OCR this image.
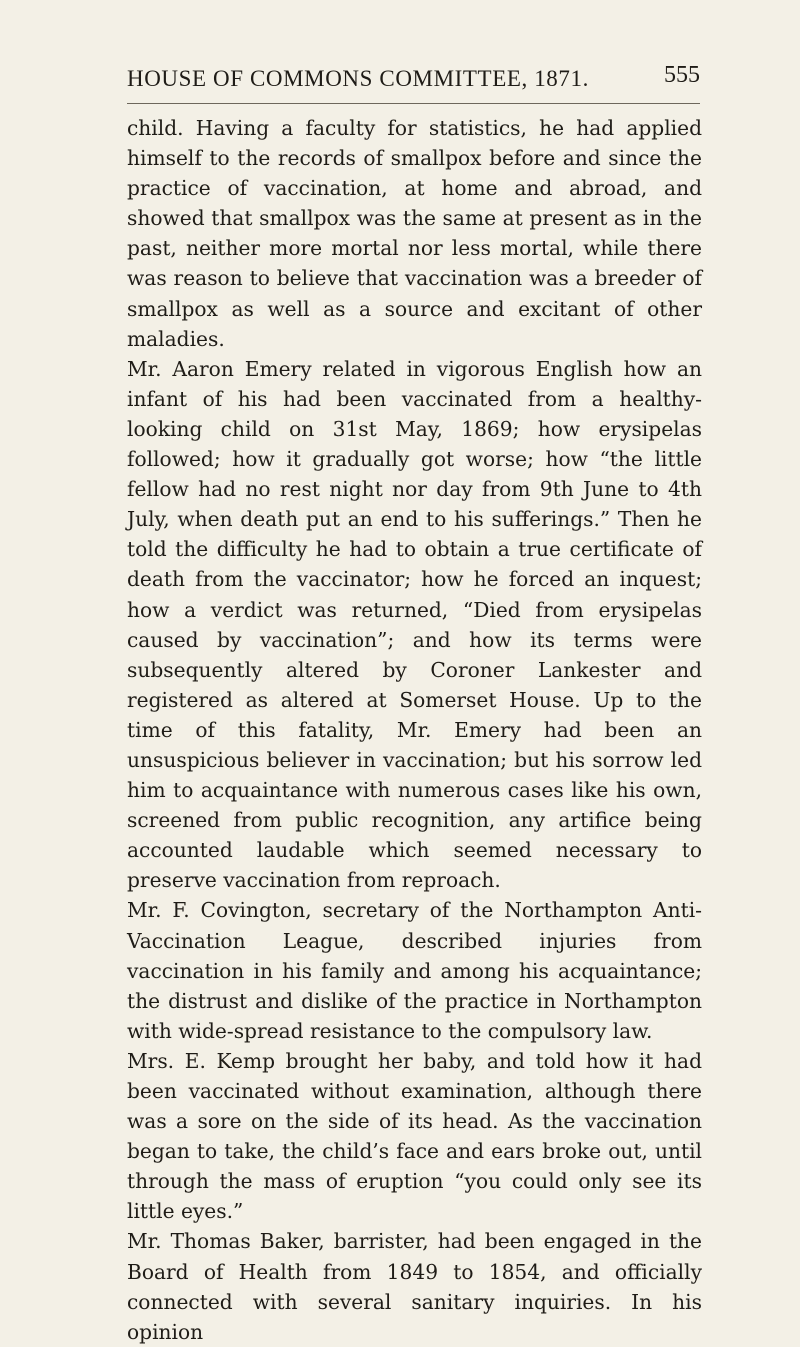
HOUSE OF COMMONS COMMITTEE, 1871.	555

child. Having a faculty for statistics, he had applied himself to the records of smallpox before and since the practice of vaccination, at home and abroad, and showed that smallpox was the same at present as in the past, neither more mortal nor less mortal, while there was reason to believe that vaccination was a breeder of smallpox as well as a source and excitant of other maladies.

Mr. Aaron Emery related in vigorous English how an infant of his had been vaccinated from a healthy-looking child on 31st May, 1869; how erysipelas followed; how it gradually got worse; how “the little fellow had no rest night nor day from 9th June to 4th July, when death put an end to his sufferings.” Then he told the difficulty he had to obtain a true certificate of death from the vaccinator; how he forced an inquest; how a verdict was returned, “Died from erysipelas caused by vaccination”; and how its terms were subsequently altered by Coroner Lankester and registered as altered at Somerset House. Up to the time of this fatality, Mr. Emery had been an unsuspicious believer in vaccination; but his sorrow led him to acquaintance with numerous cases like his own, screened from public recognition, any artifice being accounted laudable which seemed necessary to preserve vaccination from reproach.

Mr. F. Covington, secretary of the Northampton Anti-Vaccination League, described injuries from vaccination in his family and among his acquaintance; the distrust and dislike of the practice in Northampton with wide-spread resistance to the compulsory law.

Mrs. E. Kemp brought her baby, and told how it had been vaccinated without examination, although there was a sore on the side of its head. As the vaccination began to take, the child’s face and ears broke out, until through the mass of eruption “you could only see its little eyes.”

Mr. Thomas Baker, barrister, had been engaged in the Board of Health from 1849 to 1854, and officially connected with several sanitary inquiries. In his opinion
